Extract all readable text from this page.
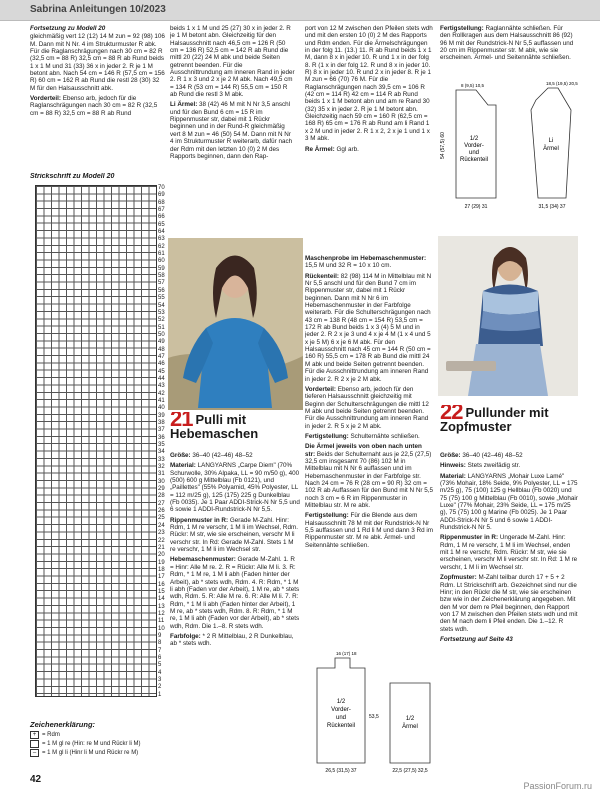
Sabrina Anleitungen 10/2023
Fortsetzung zu Modell 20

gleichmäßig vert 12 (12) 14 M zun = 92 (98) 106 M. Dann mit N Nr. 4 im Strukturmuster R abk. Für die Raglanschrägungen nach 30 cm = 82 R (32,5 cm = 88 R) 32,5 cm = 88 R ab Rund beids 1 x 1 M und 31 (33) 36 x in jeder 2. R je 1 M betont abn. Nach 54 cm = 146 R (57,5 cm = 156 R) 60 cm = 162 R ab Rund die restl 28 (30) 32 M für den Halsausschnitt abk.

Vorderteil: Ebenso arb, jedoch für die Raglanschrägungen nach 30 cm = 82 R (32,5 cm = 88 R) 32,5 cm = 88 R ab Rund

Strickschrift zu Modell 20
70
69
68
67
66
65
64
63
62
61
60
59
58
57
56
55
54
53
52
51
50
49
48
47
46
45
44
43
42
41
40
39
38
37
36
35
34
33
32
31
30
29
28
27
26
25
24
23
22
21
20
19
18
17
16
15
14
13
12
11
10
9
8
7
6
5
4
3
2
1
Zeichenerklärung:
+ = Rdm
= 1 M gl re (Hin: re M und Rückr li M)
– = 1 M gl li (Hinr li M und Rückr re M)
42

beids 1 x 1 M und 25 (27) 30 x in jeder 2. R je 1 M betont abn. Gleichzeitig für den Halsausschnitt nach 46,5 cm = 126 R (50 cm = 136 R) 52,5 cm = 142 R ab Rund die mittl 20 (22) 24 M abk und beide Seiten getrennt beenden. Für die Ausschnittrundung am inneren Rand in jeder 2. R 1 x 3 und 2 x je 2 M abk. Nach 49,5 cm = 134 R (53 cm = 144 R) 55,5 cm = 150 R ab Rund die restl 3 M abk.

Li Ärmel: 38 (42) 46 M mit N Nr 3,5 anschl und für den Bund 6 cm = 15 R im Rippenmuster str, dabei mit 1 Rückr beginnen und in der Rund-R gleichmäßig vert 8 M zun = 46 (50) 54 M. Dann mit N Nr 4 im Strukturmuster R weiterarb, dafür nach der Rdm mit den letzten 10 (0) 2 M des Rapports beginnen, dann den Rap-

port von 12 M zwischen den Pfeilen stets wdh und mit den ersten 10 (0) 2 M des Rapports und Rdm enden. Für die Ärmelschrägungen in der folg 11. (13.) 11. R ab Rund beids 1 x 1 M, dann 8 x in jeder 10. R und 1 x in der folg 8. R (1 x in der folg 12. R und 8 x in jeder 10. R) 8 x in jeder 10. R und 2 x in jeder 8. R je 1 M zun = 66 (70) 76 M. Für die Raglanschrägungen nach 39,5 cm = 106 R (42 cm = 114 R) 42 cm = 114 R ab Rund beids 1 x 1 M betont abn und am re Rand 30 (32) 35 x in jeder 2. R je 1 M betont abn. Gleichzeitig nach 59 cm = 160 R (62,5 cm = 168 R) 65 cm = 176 R ab Rund am li Rand 1 x 2 M und in jeder 2. R 1 x 2, 2 x je 1 und 1 x 3 M abk.

Re Ärmel: Ggl arb.

Fertigstellung: Raglannähte schließen. Für den Rollkragen aus dem Halsausschnitt 86 (92) 96 M mit der Rundstrick-N Nr 5,5 auffassen und 20 cm im Rippenmuster str. M abk, wie sie erscheinen. Ärmel- und Seitennähte schließen.

1/2
Vorder-
und
Rückenteil
27 (29) 31
54 (57,5) 60
8 (9,5) 10,5
Li
Ärmel
31,5 (34) 37
18,5 (19,5) 20,5
21 Pulli mit Hebemaschen

Größe: 36–40 (42–46) 48–52

Material: LANGYARNS „Carpe Diem" (70% Schurwolle, 30% Alpaka, LL = 90 m/50 g), 400 (500) 600 g Mittelblau (Fb 0121), und „Paillettes" (55% Polyamid, 45% Polyester, LL = 112 m/25 g), 125 (175) 225 g Dunkelblau (Fb 0035). Je 1 Paar ADDI-Strick-N Nr 5,5 und 6 sowie 1 ADDI-Rundstrick-N Nr 5,5.

Rippenmuster in R: Gerade M-Zahl. Hinr: Rdm, 1 M re verschr, 1 M li im Wechsel, Rdm. Rückr: M str, wie sie erscheinen, verschr M li verschr str. In Rd: Gerade M-Zahl. Stets 1 M re verschr, 1 M li im Wechsel str.

Hebemaschenmuster: Gerade M-Zahl. 1. R = Hinr: Alle M re. 2. R = Rückr: Alle M li. 3. R: Rdm, * 1 M re, 1 M li abh (Faden hinter der Arbeit), ab * stets wdh, Rdm. 4. R: Rdm, * 1 M li abh (Faden vor der Arbeit), 1 M re, ab * stets wdh, Rdm. 5. R: Alle M re. 6. R: Alle M li. 7. R: Rdm, * 1 M li abh (Faden hinter der Arbeit), 1 M re, ab * stets wdh, Rdm. 8. R: Rdm, * 1 M re, 1 M li abh (Faden vor der Arbeit), ab * stets wdh, Rdm. Die 1.–8. R stets wdh.

Farbfolge: * 2 R Mittelblau, 2 R Dunkelblau, ab * stets wdh.

Maschenprobe im Hebemaschenmuster: 15,5 M und 32 R = 10 x 10 cm.

Rückenteil: 82 (98) 114 M in Mittelblau mit N Nr 5,5 anschl und für den Bund 7 cm im Rippenmuster str, dabei mit 1 Rückr beginnen. Dann mit N Nr 6 im Hebemaschenmuster in der Farbfolge weiterarb. Für die Schulterschrägungen nach 43 cm = 138 R (48 cm = 154 R) 53,5 cm = 172 R ab Bund beids 1 x 3 (4) 5 M und in jeder 2. R 2 x je 3 und 4 x je 4 M (1 x 4 und 5 x je 5 M) 6 x je 6 M abk. Für den Halsausschnitt nach 45 cm = 144 R (50 cm = 160 R) 55,5 cm = 178 R ab Bund die mittl 24 M abk und beide Seiten getrennt beenden. Für die Ausschnittrundung am inneren Rand in jeder 2. R 2 x je 2 M abk.

Vorderteil: Ebenso arb, jedoch für den tieferen Halsausschnitt gleichzeitig mit Beginn der Schulterschrägungen die mittl 12 M abk und beide Seiten getrennt beenden. Für die Ausschnittrundung am inneren Rand in jeder 2. R 5 x je 2 M abk.

Fertigstellung: Schulternähte schließen.

Die Ärmel jeweils von oben nach unten str: Beids der Schulternaht aus je 22,5 (27,5) 32,5 cm insgesamt 70 (86) 102 M in Mittelblau mit N Nr 6 auffassen und im Hebemaschenmuster in der Farbfolge str. Nach 24 cm = 76 R (28 cm = 90 R) 32 cm = 102 R ab Auffassen für den Bund mit N Nr 5,5 noch 3 cm = 6 R im Rippenmuster in Mittelblau str. M re abk.

Fertigstellung: Für die Blende aus dem Halsausschnitt 78 M mit der Rundstrick-N Nr 5,5 auffassen und 1 Rd li M und dann 3 Rd im Rippenmuster str. M re abk. Ärmel- und Seitennähte schließen.

1/2
Vorder-
und
Rückenteil
26,5 (31,5) 37
16 (17) 18
53,5	1/2
Ärmel
22,5 (27,5) 32,5
22 Pullunder mit Zopfmuster

Größe: 36–40 (42–46) 48–52

Hinweis: Stets zweifädig str.

Material: LANGYARNS „Mohair Luxe Lamé" (73% Mohair, 18% Seide, 9% Polyester, LL = 175 m/25 g), 75 (100) 125 g Hellblau (Fb 0020) und 75 (75) 100 g Mittelblau (Fb 0010), sowie „Mohair Luxe" (77% Mohair, 23% Seide, LL = 175 m/25 g), 75 (75) 100 g Marine (Fb 0025). Je 1 Paar ADDI-Strick-N Nr 5 und 6 sowie 1 ADDI-Rundstrick-N Nr 5.

Rippenmuster in R: Ungerade M-Zahl. Hinr: Rdm, 1 M re verschr, 1 M li im Wechsel, enden mit 1 M re verschr, Rdm. Rückr: M str, wie sie erscheinen, verschr M li verschr str. In Rd: 1 M re verschr, 1 M li im Wechsel str.

Zopfmuster: M-Zahl teilbar durch 17 + 5 + 2 Rdm. Lt Strickschrift arb. Gezeichnet sind nur die Hinr; in den Rückr die M str, wie sie erscheinen bzw wie in der Zeichenerklärung angegeben. Mit den M vor dem re Pfeil beginnen, den Rapport von 17 M zwischen den Pfeilen stets wdh und mit den M nach dem li Pfeil enden. Die 1.–12. R stets wdh.

Fortsetzung auf Seite 43

PassionForum.ru
